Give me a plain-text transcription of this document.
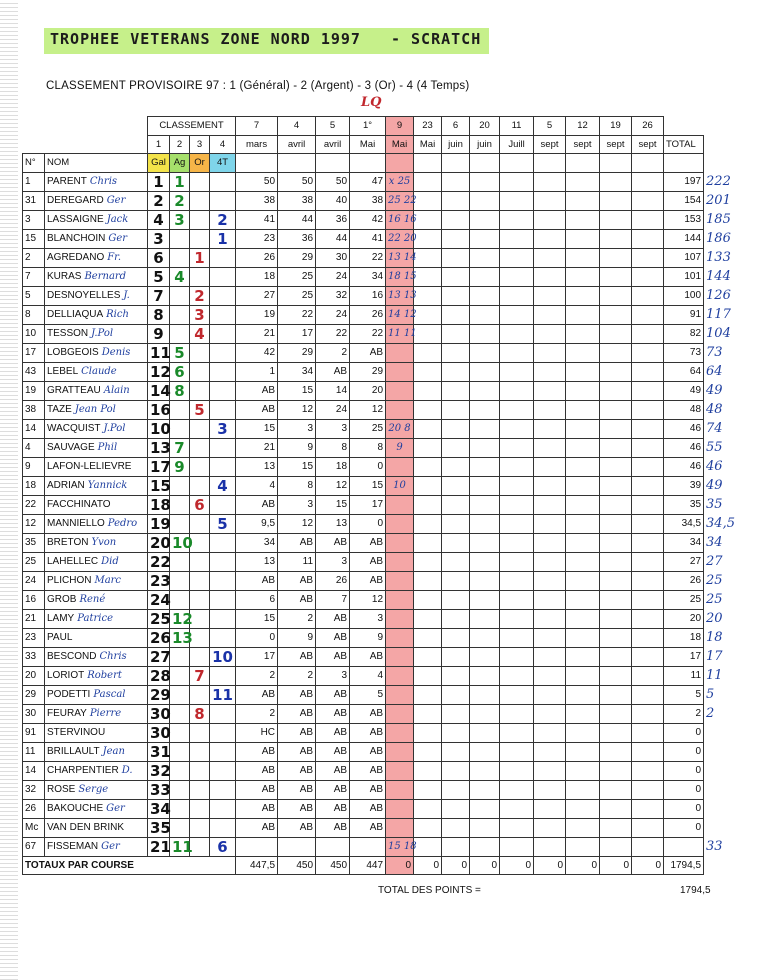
TROPHEE VETERANS ZONE NORD 1997 - SCRATCH
CLASSEMENT PROVISOIRE 97 : 1 (Général) - 2 (Argent) - 3 (Or) - 4 (4 Temps)
LQ
		CLASSEMENT				7	4	5	1°	9	23	6	20	11	5	12	19	26		
		1	2	3	4	mars	avril	avril	Mai	Mai	Mai	juin	juin	Juill	sept	sept	sept	sept	TOTAL	
N°	NOM	Gal	Ag	Or	4T															
1	PARENT Chris	1	1			50	50	50	47	x 25									197	222
31	DEREGARD Ger	2	2			38	38	40	38	25 22									154	201
3	LASSAIGNE Jack	4	3		2	41	44	36	42	16 16									153	185
15	BLANCHOIN Ger	3			1	23	36	44	41	22 20									144	186
2	AGREDANO Fr.	6		1		26	29	30	22	13 14									107	133
7	KURAS Bernard	5	4			18	25	24	34	18 15									101	144
5	DESNOYELLES J.	7		2		27	25	32	16	13 13									100	126
8	DELLIAQUA Rich	8		3		19	22	24	26	14 12									91	117
10	TESSON J.Pol	9		4		21	17	22	22	11 11									82	104
17	LOBGEOIS Denis	11	5			42	29	2	AB										73	73
43	LEBEL Claude	12	6			1	34	AB	29										64	64
19	GRATTEAU Alain	14	8			AB	15	14	20										49	49
38	TAZE Jean Pol	16		5		AB	12	24	12										48	48
14	WACQUIST J.Pol	10			3	15	3	3	25	20 8									46	74
4	SAUVAGE Phil	13	7			21	9	8	8	9									46	55
9	LAFON-LELIEVRE	17	9			13	15	18	0										46	46
18	ADRIAN Yannick	15			4	4	8	12	15	10									39	49
22	FACCHINATO	18		6		AB	3	15	17										35	35
12	MANNIELLO Pedro	19			5	9,5	12	13	0										34,5	34,5
35	BRETON Yvon	20	10			34	AB	AB	AB										34	34
25	LAHELLEC Did	22				13	11	3	AB										27	27
24	PLICHON Marc	23				AB	AB	26	AB										26	25
16	GROB René	24				6	AB	7	12										25	25
21	LAMY Patrice	25	12			15	2	AB	3										20	20
23	PAUL	26	13			0	9	AB	9										18	18
33	BESCOND Chris	27			10	17	AB	AB	AB										17	17
20	LORIOT Robert	28		7		2	2	3	4										11	11
29	PODETTI Pascal	29			11	AB	AB	AB	5										5	5
30	FEURAY Pierre	30		8		2	AB	AB	AB										2	2
91	STERVINOU	30				HC	AB	AB	AB										0	
11	BRILLAULT Jean	31				AB	AB	AB	AB										0	
14	CHARPENTIER D.	32				AB	AB	AB	AB										0	
32	ROSE Serge	33				AB	AB	AB	AB										0	
26	BAKOUCHE Ger	34				AB	AB	AB	AB										0	
Mc	VAN DEN BRINK	35				AB	AB	AB	AB										0	
67	FISSEMAN Ger	21	11		6					15 18										33
TOTAUX PAR COURSE						447,5	450	450	447	0	0	0	0	0	0	0	0	0	1794,5	
TOTAL DES POINTS =	1794,5
